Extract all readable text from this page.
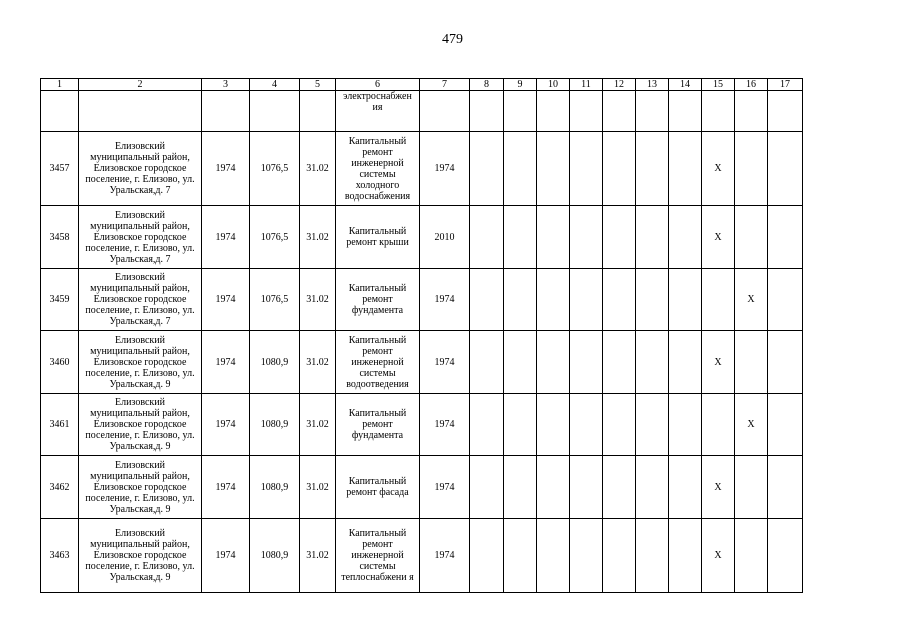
479
1	2	3	4	5	6	7	8	9	10	11	12	13	14	15	16	17
					электроснабжен ия											
3457	Елизовский муниципальный район, Елизовское городское поселение, г. Елизово, ул. Уральская,д. 7	1974	1076,5	31.02	Капитальный ремонт инженерной системы холодного водоснабжения	1974								X		
3458	Елизовский муниципальный район, Елизовское городское поселение, г. Елизово, ул. Уральская,д. 7	1974	1076,5	31.02	Капитальный ремонт крыши	2010								X		
3459	Елизовский муниципальный район, Елизовское городское поселение, г. Елизово, ул. Уральская,д. 7	1974	1076,5	31.02	Капитальный ремонт фундамента	1974									X	
3460	Елизовский муниципальный район, Елизовское городское поселение, г. Елизово, ул. Уральская,д. 9	1974	1080,9	31.02	Капитальный ремонт инженерной системы водоотведения	1974								X		
3461	Елизовский муниципальный район, Елизовское городское поселение, г. Елизово, ул. Уральская,д. 9	1974	1080,9	31.02	Капитальный ремонт фундамента	1974									X	
3462	Елизовский муниципальный район, Елизовское городское поселение, г. Елизово, ул. Уральская,д. 9	1974	1080,9	31.02	Капитальный ремонт фасада	1974								X		
3463	Елизовский муниципальный район, Елизовское городское поселение, г. Елизово, ул. Уральская,д. 9	1974	1080,9	31.02	Капитальный ремонт инженерной системы теплоснабжени я	1974								X		
